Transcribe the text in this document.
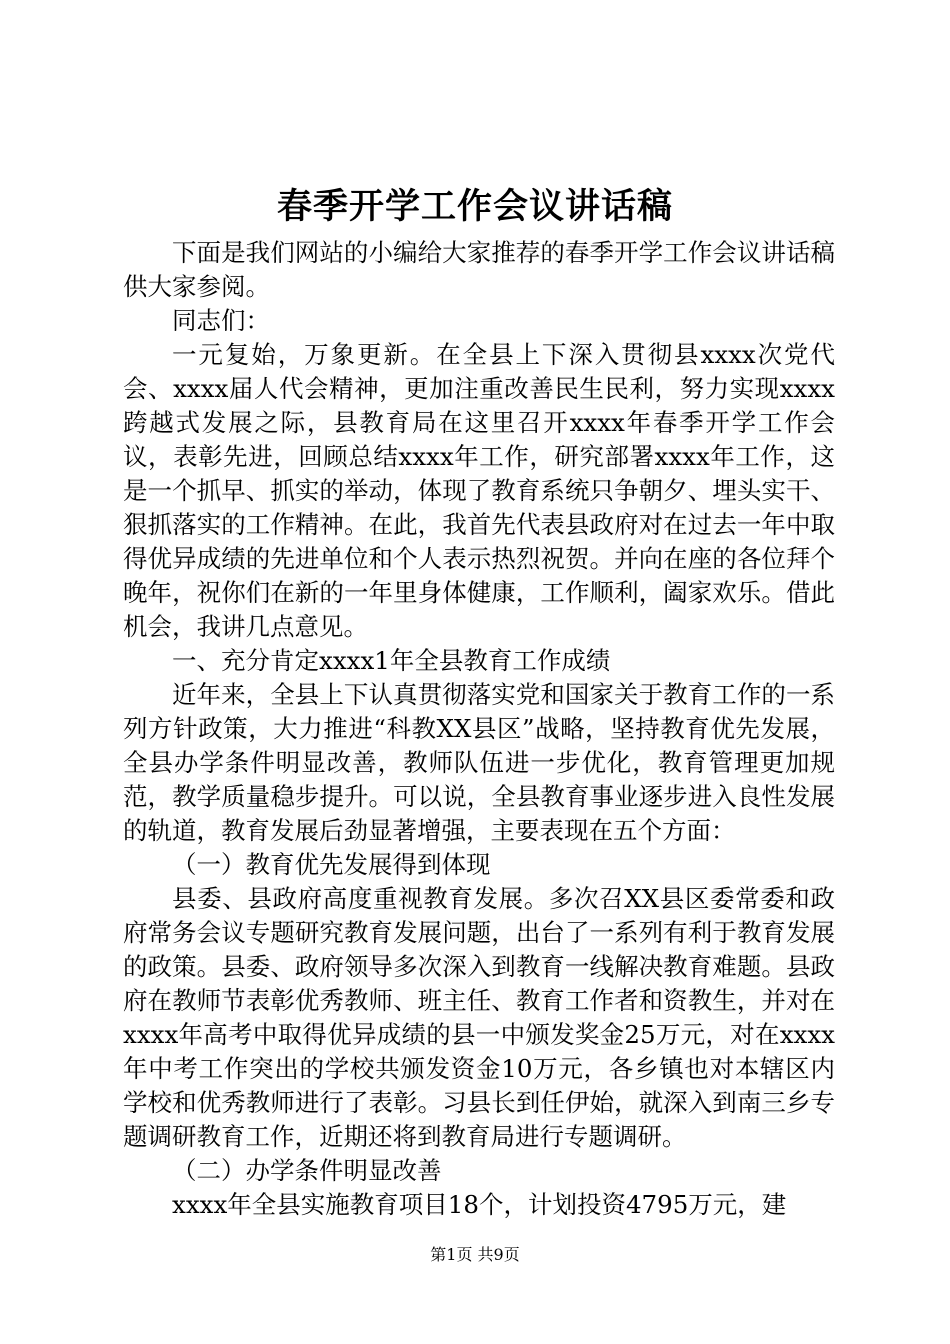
春季开学工作会议讲话稿

下面是我们网站的小编给大家推荐的春季开学工作会议讲话稿供大家参阅。

同志们：

一元复始，万象更新。在全县上下深入贯彻县xxxx次党代会、xxxx届人代会精神，更加注重改善民生民利，努力实现xxxx跨越式发展之际，县教育局在这里召开xxxx年春季开学工作会议，表彰先进，回顾总结xxxx年工作，研究部署xxxx年工作，这是一个抓早、抓实的举动，体现了教育系统只争朝夕、埋头实干、狠抓落实的工作精神。在此，我首先代表县政府对在过去一年中取得优异成绩的先进单位和个人表示热烈祝贺。并向在座的各位拜个晚年，祝你们在新的一年里身体健康，工作顺利，阖家欢乐。借此机会，我讲几点意见。

一、充分肯定xxxx1年全县教育工作成绩

近年来，全县上下认真贯彻落实党和国家关于教育工作的一系列方针政策，大力推进“科教XX县区”战略，坚持教育优先发展，全县办学条件明显改善，教师队伍进一步优化，教育管理更加规范，教学质量稳步提升。可以说，全县教育事业逐步进入良性发展的轨道，教育发展后劲显著增强，主要表现在五个方面：

（一）教育优先发展得到体现

县委、县政府高度重视教育发展。多次召XX县区委常委和政府常务会议专题研究教育发展问题，出台了一系列有利于教育发展的政策。县委、政府领导多次深入到教育一线解决教育难题。县政府在教师节表彰优秀教师、班主任、教育工作者和资教生，并对在xxxx年高考中取得优异成绩的县一中颁发奖金25万元，对在xxxx年中考工作突出的学校共颁发资金10万元，各乡镇也对本辖区内学校和优秀教师进行了表彰。习县长到任伊始，就深入到南三乡专题调研教育工作，近期还将到教育局进行专题调研。

（二）办学条件明显改善

xxxx年全县实施教育项目18个，计划投资4795万元，建

第1页 共9页
